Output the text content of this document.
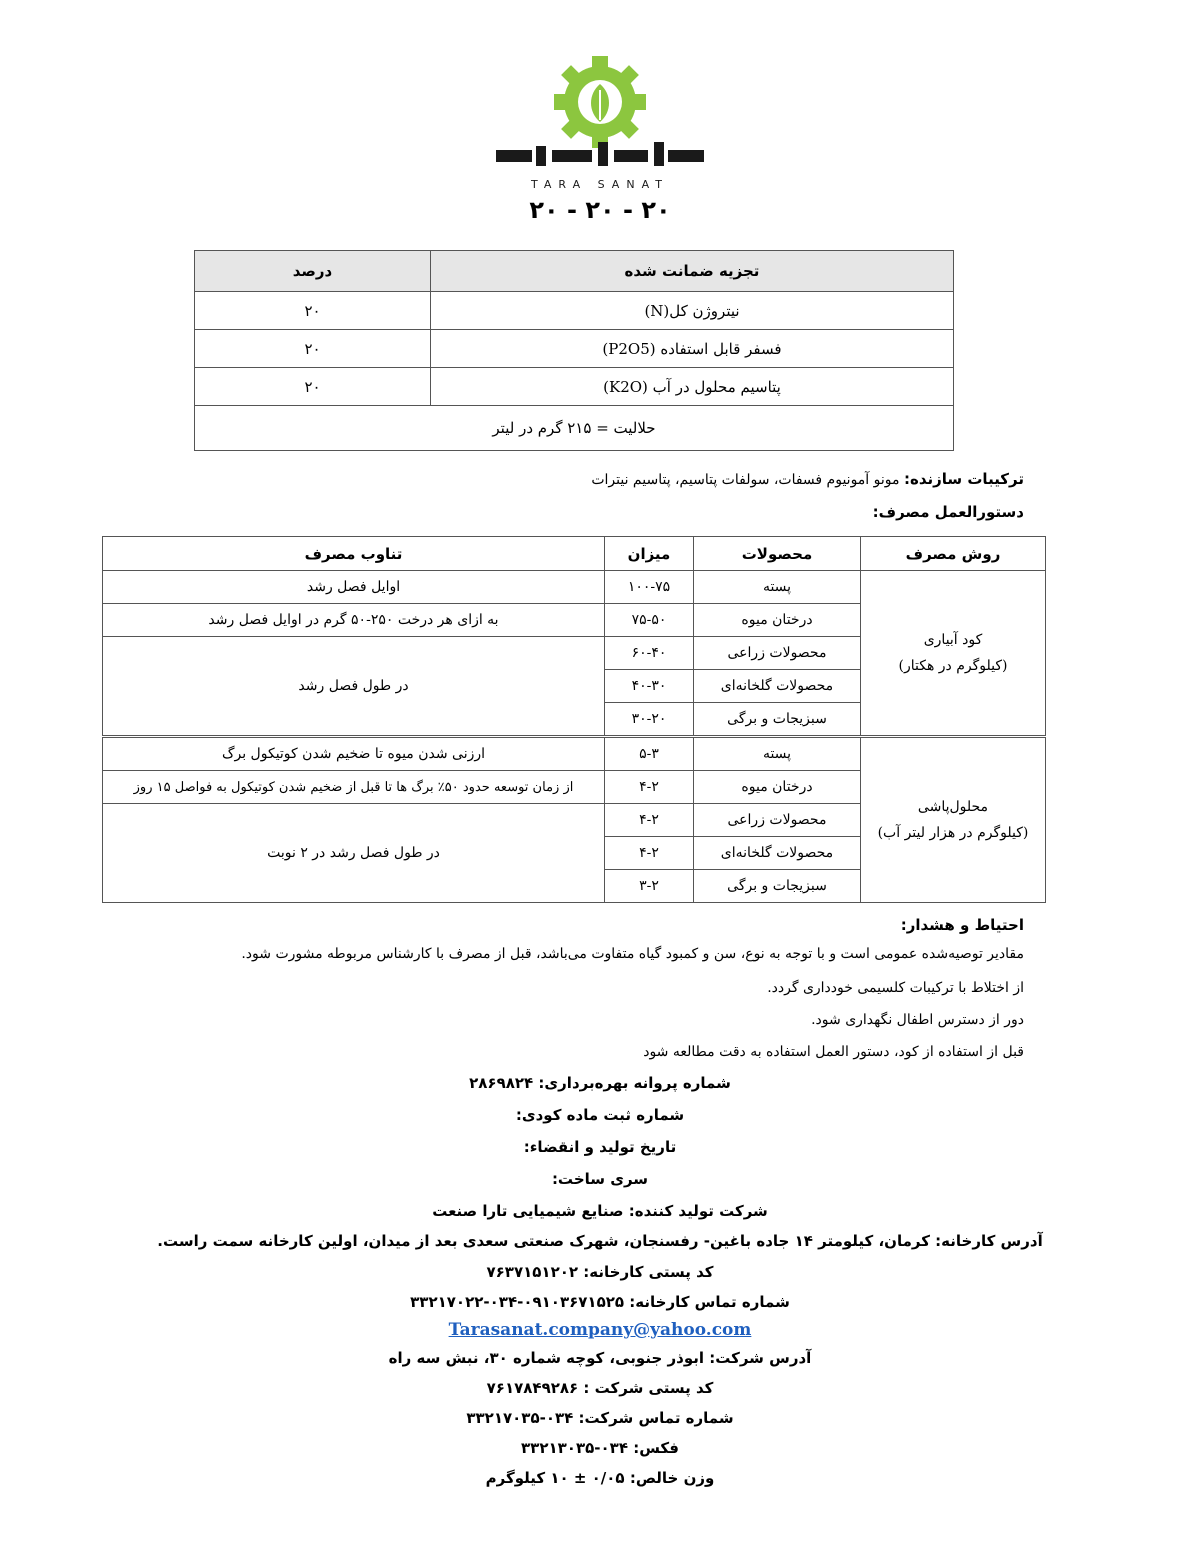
TARA SANAT
۲۰ - ۲۰ - ۲۰
تجزیه ضمانت شده	درصد
نیتروژن کل(N)	۲۰
فسفر قابل استفاده (P2O5)	۲۰
پتاسیم محلول در آب (K2O)	۲۰
حلالیت = ۲۱۵ گرم در لیتر	
ترکیبات سازنده: مونو آمونیوم فسفات، سولفات پتاسیم، پتاسیم نیترات
دستورالعمل مصرف:
روش مصرف	محصولات	میزان	تناوب مصرف

کود آبیاری
(کیلوگرم در هکتار)	پسته	۱۰۰-۷۵	اوایل فصل رشد
	درختان میوه	۷۵-۵۰	به ازای هر درخت ۲۵۰-۵۰ گرم در اوایل فصل رشد
	محصولات زراعی	۶۰-۴۰	در طول فصل رشد
	محصولات گلخانه‌ای	۴۰-۳۰	
	سبزیجات و برگی	۳۰-۲۰	

محلول‌پاشی
(کیلوگرم در هزار لیتر آب)	پسته	۵-۳	ارزنی شدن میوه تا ضخیم شدن کوتیکول برگ
	درختان میوه	۴-۲	از زمان توسعه حدود ۵۰٪ برگ ها تا قبل از ضخیم شدن کوتیکول به فواصل ۱۵ روز
	محصولات زراعی	۴-۲	در طول فصل رشد در ۲ نوبت
	محصولات گلخانه‌ای	۴-۲	
	سبزیجات و برگی	۳-۲	
احتیاط و هشدار:
مقادیر توصیه‌شده عمومی است و با توجه به نوع، سن و کمبود گیاه متفاوت می‌باشد، قبل از مصرف با کارشناس مربوطه مشورت شود.
از اختلاط با ترکیبات کلسیمی خودداری گردد.
دور از دسترس اطفال نگهداری شود.
قبل از استفاده از کود، دستور العمل استفاده به دقت مطالعه شود
شماره پروانه بهره‌برداری: ۲۸۶۹۸۲۴
شماره ثبت ماده کودی:
تاریخ تولید و انقضاء:
سری ساخت:
شرکت تولید کننده: صنایع شیمیایی تارا صنعت
آدرس کارخانه: کرمان، کیلومتر ۱۴ جاده باغین- رفسنجان، شهرک صنعتی سعدی بعد از میدان، اولین کارخانه سمت راست.
کد پستی کارخانه: ۷۶۳۷۱۵۱۲۰۲
شماره تماس کارخانه: ۰۹۱۰۳۶۷۱۵۲۵-۰۳۴-۳۳۲۱۷۰۲۲
Tarasanat.company@yahoo.com
آدرس شرکت: ابوذر جنوبی، کوچه شماره ۳۰، نبش سه راه
کد پستی شرکت : ۷۶۱۷۸۴۹۲۸۶
شماره تماس شرکت: ۰۳۴-۳۳۲۱۷۰۳۵
فکس: ۰۳۴-۳۳۲۱۳۰۳۵
وزن خالص: ۰/۰۵ ± ۱۰ کیلوگرم
